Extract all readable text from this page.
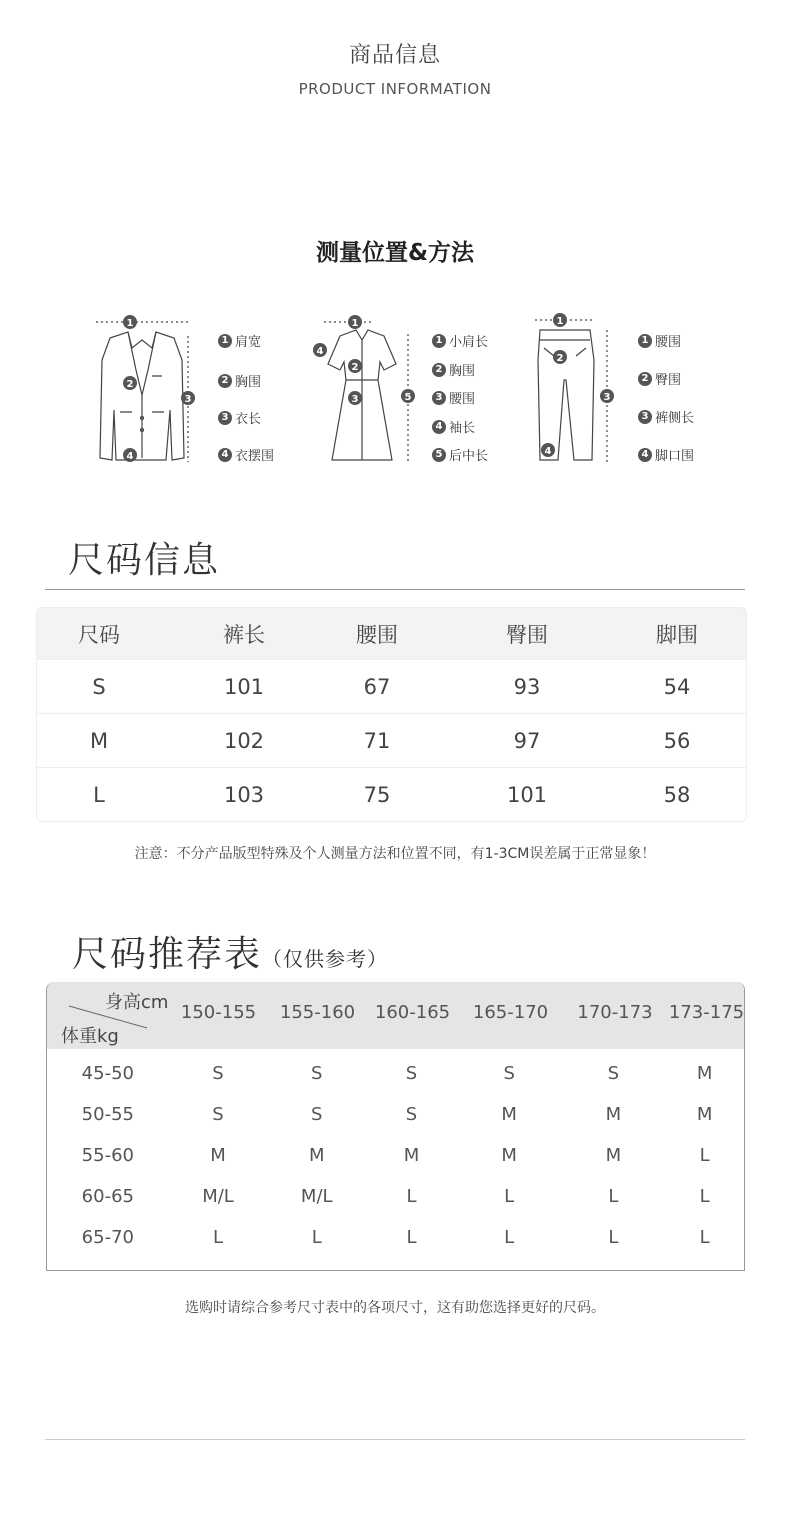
商品信息
PRODUCT INFORMATION
测量位置&方法
1
2
3
4
1
2
3
4
5
1
2
3
4
1 肩宽
2 胸围
3 衣长
4 衣摆围
1 小肩长
2 胸围
3 腰围
4 袖长
5 后中长
1 腰围
2 臀围
3 裤侧长
4 脚口围
尺码信息
尺码	裤长	腰围	臀围	脚围
S	101	67	93	54
M	102	71	97	56
L	103	75	101	58
注意：不分产品版型特殊及个人测量方法和位置不同，有1-3CM误差属于正常显象！
尺码推荐表（仅供参考）
身高cm
体重kg
150-155	155-160	160-165	165-170	170-173 173-175
45-50	S	S	S	S	S	M
50-55	S	S	S	M	M	M
55-60	M	M	M	M	M	L
60-65	M/L	M/L	L	L	L	L
65-70	L	L	L	L	L	L
选购时请综合参考尺寸表中的各项尺寸，这有助您选择更好的尺码。
